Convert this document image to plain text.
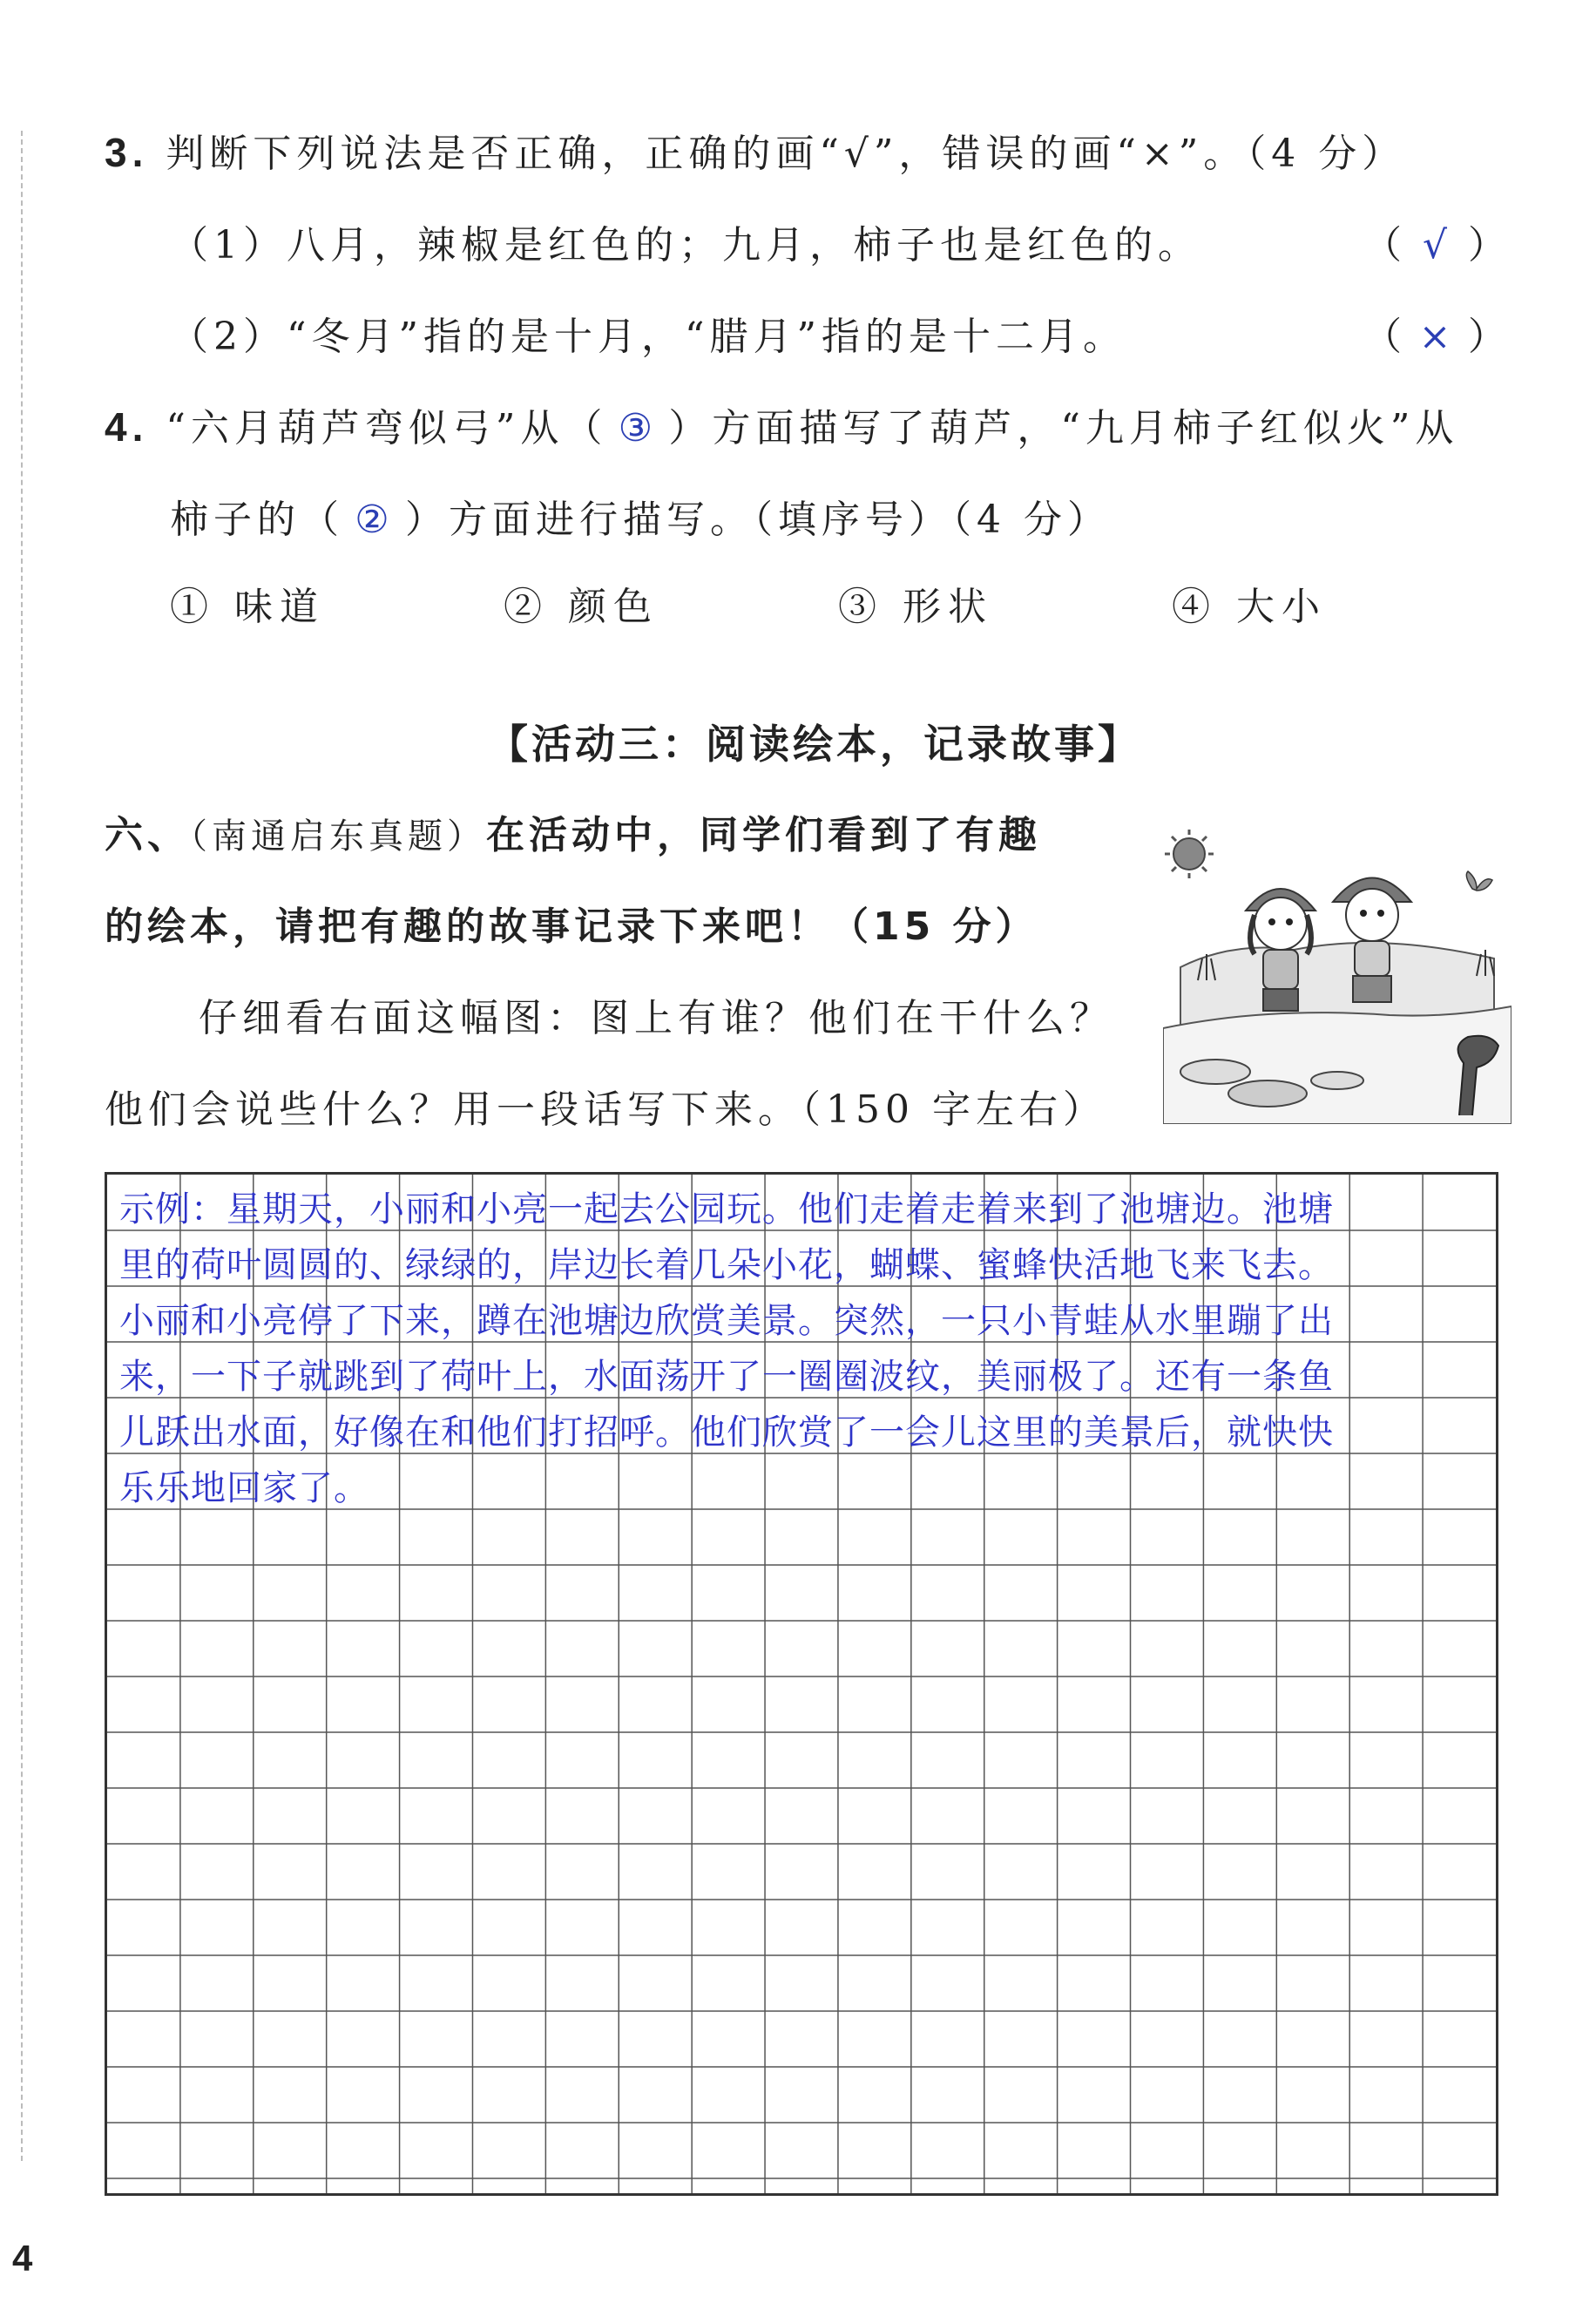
3. 判断下列说法是否正确，正确的画“√”，错误的画“×”。（4 分）
（1）八月，辣椒是红色的；九月，柿子也是红色的。	（ √ ）
（2）“冬月”指的是十月，“腊月”指的是十二月。	（ × ）
4. “六月葫芦弯似弓”从（ ③ ）方面描写了葫芦，“九月柿子红似火”从
柿子的（ ② ）方面进行描写。（填序号）（4 分）
① 味道	② 颜色	③ 形状	④ 大小
【活动三：阅读绘本，记录故事】
六、（南通启东真题）在活动中，同学们看到了有趣
的绘本，请把有趣的故事记录下来吧！（15 分）
仔细看右面这幅图：图上有谁？他们在干什么？
他们会说些什么？用一段话写下来。（150 字左右）
示例：星期天，小丽和小亮一起去公园玩。他们走着走着来到了池塘边。池塘
里的荷叶圆圆的、绿绿的，岸边长着几朵小花，蝴蝶、蜜蜂快活地飞来飞去。
小丽和小亮停了下来，蹲在池塘边欣赏美景。突然，一只小青蛙从水里蹦了出
来，一下子就跳到了荷叶上，水面荡开了一圈圈波纹，美丽极了。还有一条鱼
儿跃出水面，好像在和他们打招呼。他们欣赏了一会儿这里的美景后，就快快
乐乐地回家了。
4
